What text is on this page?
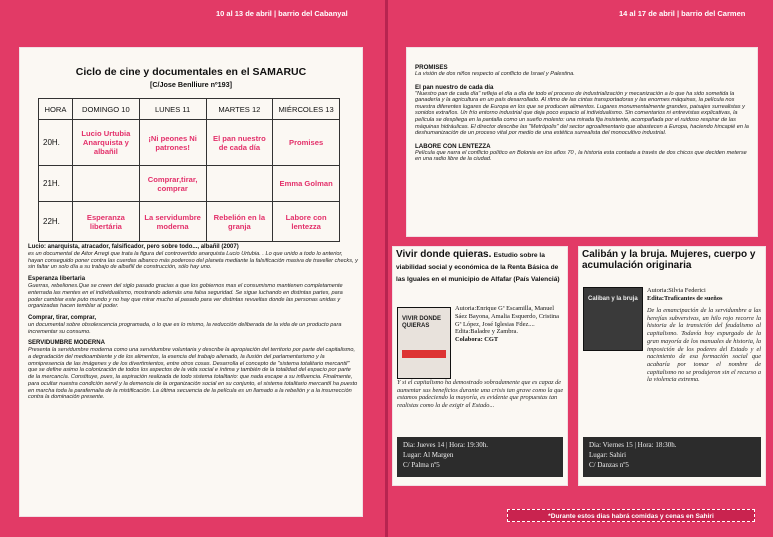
10 al 13 de abril | barrio del Cabanyal
Ciclo de cine y documentales en el SAMARUC
[C/Jose Benlliure nº193]
HORA	DOMINGO 10	LUNES 11	MARTES 12	MIÉRCOLES 13
20H.	Lucio Urtubia Anarquista y albañil	¡Ni peones Ni patrones!	El pan nuestro de cada día	Promises
21H.		Comprar,tirar, comprar		Emma Golman
22H.	Esperanza libertária	La servidumbre moderna	Rebelión en la granja	Labore con lentezza
Lucio: anarquista, atracador, falsificador, pero sobre todo..., albañil (2007)

es un documental de Aitor Arregi que trata la figura del controvertido anarquista Lucio Urtubia. . Lo que unido a todo lo anterior, hayan conseguido poner contra las cuerdas albanco más poderoso del planeta mediante la falsificación masiva de traveller checks, y sin faltar un solo día a su trabajo de albañil de construcción, sólo hay uno.

Esperanza libertaria

Guerras, rebeliones.Que se creen del siglo pasado gracias a que los gobiernos mas el consumismo mantienen completamente enterrada las mentes en el individualismo, mostrando además una falsa seguridad. Se sigue luchando en distintas partes, para poder cambiar este puto mundo y no hay que mirar mucho al pasado para ver distintas revueltas donde las personas unidas y organizadas hacen temblar al poder.

Comprar, tirar, comprar,

un documental sobre obsolescencia programada, o lo que es lo mismo, la reducción deliberada de la vida de un producto para incrementar su consumo.

SERVIDUMBRE MODERNA

Presenta la servidumbre moderna como una servidumbre voluntaria y describe la apropiación del territorio por parte del capitalismo, a degradación del medioambiente y de los alimentos, la esencia del trabajo alienado, la ilusión del parlamentarismo y la omnipresencia de las imágenes y de los divertimientos, entre otros cosas. Desarrolla el concepto de "sistema totalitario mercantil" que se define asimo la colonización de todos los aspectos de la vida social e íntima y también de la totalidad del espacio por parte de la mercancía. Constituye, pues, la aspiración realizada de todo sistema totalitario: que nada escape a su influencia. Finalmente, para ocultar nuestra condición servil y la demencia de la organización social en su conjunto, el sistema totalitario mercantil ha puesto en marcha toda la parafernalia de la mistificación. La última secuencia de la película es un llamado a la rebelión y a la insurrección contra la dominación presente.

14 al 17 de abril | barrio del Carmen
PROMISES

La visión de dos niños respecto al conflicto de Israel y Palestina.

El pan nuestro de cada día

"Nuestro pan de cada día" refleja el día a día de todo el proceso de industrialización y mecanización a lo que ha sido sometida la ganadería y la agricultura en un país desarrollado. Al ritmo de las cintas transportadoras y las enormes máquinas, la película nos muestra diferentes lugares de Europa en los que se producen alimentos. Lugares monumentalmente grandes, paisajes surrealistas y sonidos extraños. Un frío entorno industrial que deja poco espacio al individualismo. Sin comentarios ni entrevistas explicativas, la película se despliega en la pantalla como un sueño molesto: una mirada fija insistente, acompañada por el ruidoso respirar de las máquinas hidráulicas. El director describe las "Metrópolis" del sector agroalimentario que abastecen a Europa, haciendo hincapié en la deshumanización de un proceso vital por medio de una estética surrealista del monocultivo industrial.

LABORE CON LENTEZZA

Película que narra el conflicto político en Bolonia en los años 70 , la historia esta contada a través de dos chicos que deciden meterse en una radio libre de la ciudad.

Vivir donde quieras. Estudio sobre la viabilidad social y económica de la Renta Básica de las Iguales en el municipio de Alfafar (País Valenciá)
VIVIR DONDE QUIERAS
Autoria:Enrique Gª Escamilla, Manuel Sáez Bayona, Amalia Esquerdo, Cristina Gª López, José Iglesias Fdez....
Edita:Baladre y Zambra.
Colabora: CGT
Y si el capitalismo ha demostrado sobradamente que es capaz de aumentar sus beneficios durante una crisis tan grave como la que estamos padeciendo la mayoría, es evidente que propuestas tan realistas como la de exigir al Estado...
Dia: Jueves 14 | Hora: 19:30h.
Lugar: Al Margen
C/ Palma nº5
Calibán y la bruja. Mujeres, cuerpo y acumulación originaria
Caliban y la bruja
Autoria:Silvia Federici
Edita:Traficantes de sueños
De la emancipación de la servidumbre a las herejías subversivas, un hilo rojo recorre la historia de la transición del feudalismo al capitalismo. Todavía hoy expurgado de la gran mayoría de los manuales de historia, la imposición de los poderes del Estado y el nacimiento de esa formación social que acabaría por tomar el nombre de capitalismo no se produjeron sin el recurso a la violencia extrema.
Dia: Viernes 15 | Hora: 18:30h.
Lugar: Sahiri
C/ Danzas nº5
*Durante estos dias habrá comidas y cenas en Sahiri
